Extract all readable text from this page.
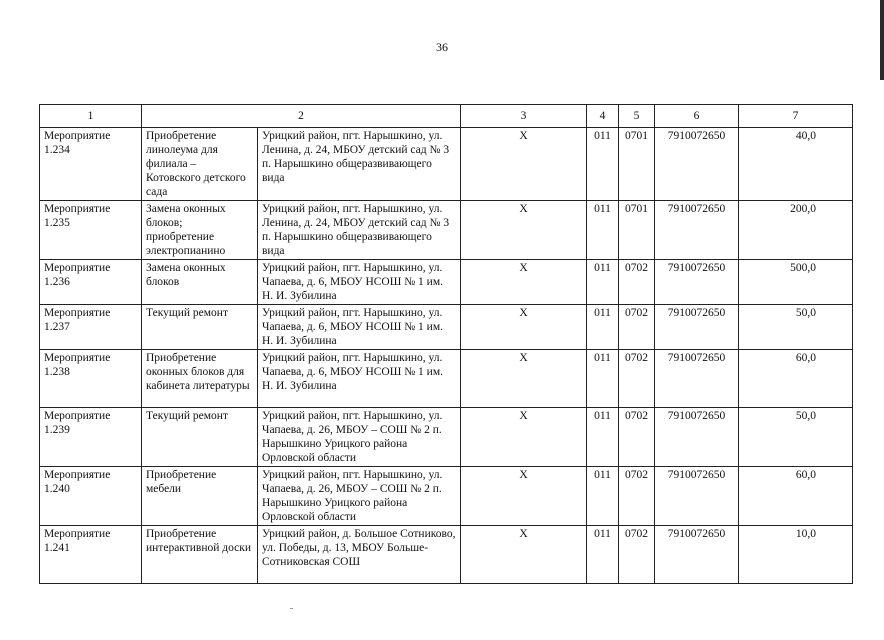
36
1	2		3	4	5	6	7
Мероприятие 1.234	Приобретение линолеума для филиала – Котовского детского сада	Урицкий район, пгт. Нарышкино, ул. Ленина, д. 24, МБОУ детский сад № 3 п. Нарышкино общеразвивающего вида	Х	011	0701	7910072650	40,0
Мероприятие 1.235	Замена оконных блоков; приобретение электропианино	Урицкий район, пгт. Нарышкино, ул. Ленина, д. 24, МБОУ детский сад № 3 п. Нарышкино общеразвивающего вида	Х	011	0701	7910072650	200,0
Мероприятие 1.236	Замена оконных блоков	Урицкий район, пгт. Нарышкино, ул. Чапаева, д. 6, МБОУ НСОШ № 1 им. Н. И. Зубилина	Х	011	0702	7910072650	500,0
Мероприятие 1.237	Текущий ремонт	Урицкий район, пгт. Нарышкино, ул. Чапаева, д. 6, МБОУ НСОШ № 1 им. Н. И. Зубилина	Х	011	0702	7910072650	50,0
Мероприятие 1.238	Приобретение оконных блоков для кабинета литературы	Урицкий район, пгт. Нарышкино, ул. Чапаева, д. 6, МБОУ НСОШ № 1 им. Н. И. Зубилина	Х	011	0702	7910072650	60,0
Мероприятие 1.239	Текущий ремонт	Урицкий район, пгт. Нарышкино, ул. Чапаева, д. 26, МБОУ – СОШ № 2 п. Нарышкино Урицкого района Орловской области	Х	011	0702	7910072650	50,0
Мероприятие 1.240	Приобретение мебели	Урицкий район, пгт. Нарышкино, ул. Чапаева, д. 26, МБОУ – СОШ № 2 п. Нарышкино Урицкого района Орловской области	Х	011	0702	7910072650	60,0
Мероприятие 1.241	Приобретение интерактивной доски	Урицкий район, д. Большое Сотниково, ул. Победы, д. 13, МБОУ Больше-Сотниковская СОШ	Х	011	0702	7910072650	10,0
